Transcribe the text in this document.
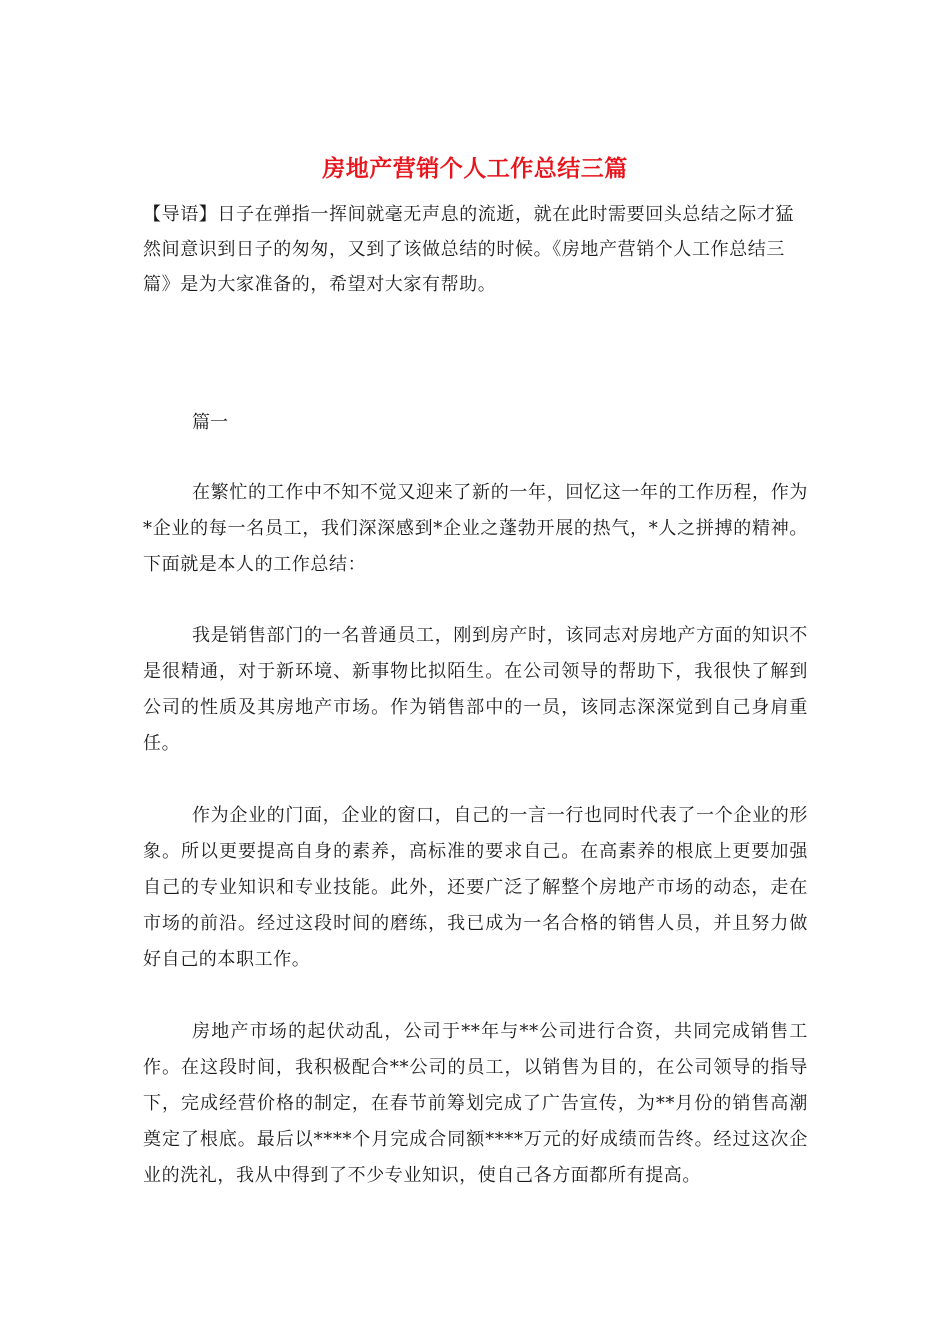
房地产营销个人工作总结三篇
【导语】日子在弹指一挥间就毫无声息的流逝，就在此时需要回头总结之际才猛然间意识到日子的匆匆，又到了该做总结的时候。《房地产营销个人工作总结三篇》是为大家准备的，希望对大家有帮助。
篇一
在繁忙的工作中不知不觉又迎来了新的一年，回忆这一年的工作历程，作为*企业的每一名员工，我们深深感到*企业之蓬勃开展的热气，*人之拼搏的精神。下面就是本人的工作总结：
我是销售部门的一名普通员工，刚到房产时，该同志对房地产方面的知识不是很精通，对于新环境、新事物比拟陌生。在公司领导的帮助下，我很快了解到公司的性质及其房地产市场。作为销售部中的一员，该同志深深觉到自己身肩重任。
作为企业的门面，企业的窗口，自己的一言一行也同时代表了一个企业的形象。所以更要提高自身的素养，高标准的要求自己。在高素养的根底上更要加强自己的专业知识和专业技能。此外，还要广泛了解整个房地产市场的动态，走在市场的前沿。经过这段时间的磨练，我已成为一名合格的销售人员，并且努力做好自己的本职工作。
房地产市场的起伏动乱，公司于**年与**公司进行合资，共同完成销售工作。在这段时间，我积极配合**公司的员工，以销售为目的，在公司领导的指导下，完成经营价格的制定，在春节前筹划完成了广告宣传，为**月份的销售高潮奠定了根底。最后以****个月完成合同额****万元的好成绩而告终。经过这次企业的洗礼，我从中得到了不少专业知识，使自己各方面都所有提高。
